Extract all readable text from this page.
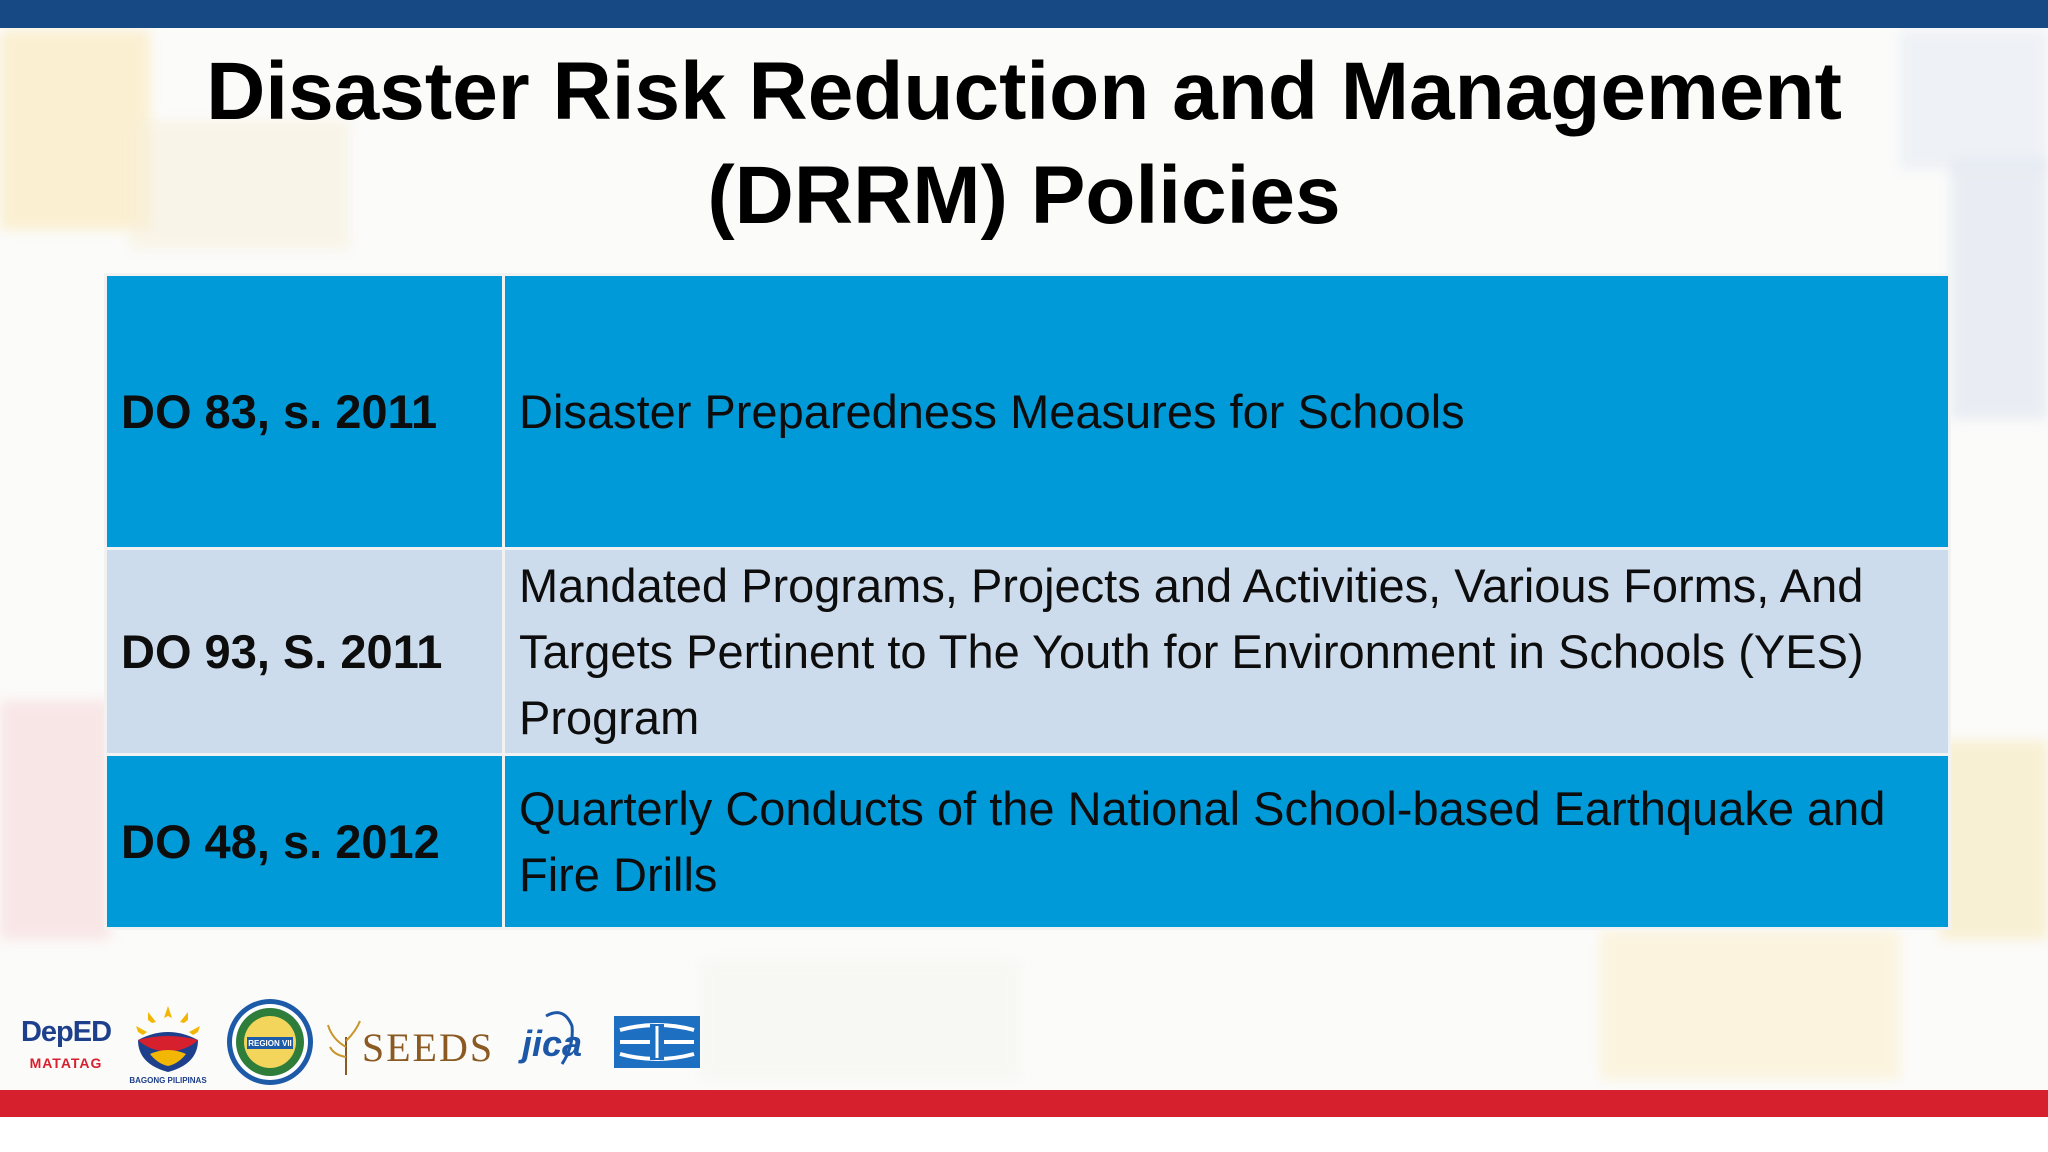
Disaster Risk Reduction and Management
(DRRM) Policies
DO 83, s. 2011	Disaster Preparedness Measures for Schools
DO 93, S. 2011	Mandated Programs, Projects and Activities, Various Forms, And Targets Pertinent to The Youth for Environment in Schools (YES) Program
DO 48, s. 2012	Quarterly Conducts of the National School-based Earthquake and Fire Drills
DepED
MATATAG
BAGONG PILIPINAS
REGION VII SEEDS jica
